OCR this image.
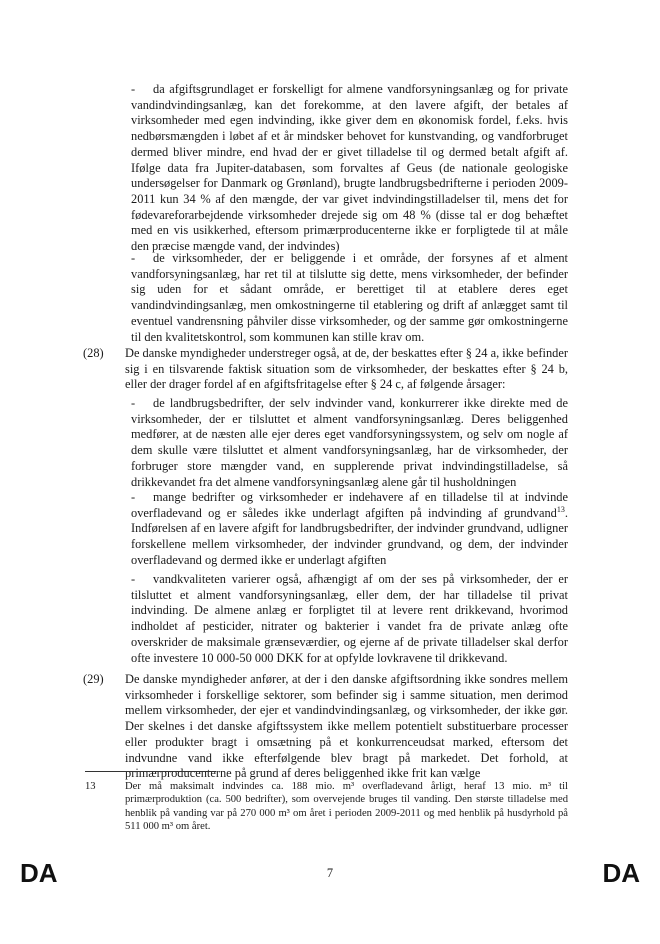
- da afgiftsgrundlaget er forskelligt for almene vandforsyningsanlæg og for private vandindvindingsanlæg, kan det forekomme, at den lavere afgift, der betales af virksomheder med egen indvinding, ikke giver dem en økonomisk fordel, f.eks. hvis nedbørsmængden i løbet af et år mindsker behovet for kunstvanding, og vandforbruget dermed bliver mindre, end hvad der er givet tilladelse til og dermed betalt afgift af. Ifølge data fra Jupiter-databasen, som forvaltes af Geus (de nationale geologiske undersøgelser for Danmark og Grønland), brugte landbrugsbedrifterne i perioden 2009-2011 kun 34 % af den mængde, der var givet indvindingstilladelser til, mens det for fødevareforarbejdende virksomheder drejede sig om 48 % (disse tal er dog behæftet med en vis usikkerhed, eftersom primærproducenterne ikke er forpligtede til at måle den præcise mængde vand, der indvindes)

- de virksomheder, der er beliggende i et område, der forsynes af et alment vandforsyningsanlæg, har ret til at tilslutte sig dette, mens virksomheder, der befinder sig uden for et sådant område, er berettiget til at etablere deres eget vandindvindingsanlæg, men omkostningerne til etablering og drift af anlægget samt til eventuel vandrensning påhviler disse virksomheder, og der samme gør omkostningerne til den kvalitetskontrol, som kommunen kan stille krav om.

(28)	De danske myndigheder understreger også, at de, der beskattes efter § 24 a, ikke befinder sig i en tilsvarende faktisk situation som de virksomheder, der beskattes efter § 24 b, eller der drager fordel af en afgiftsfritagelse efter § 24 c, af følgende årsager:

- de landbrugsbedrifter, der selv indvinder vand, konkurrerer ikke direkte med de virksomheder, der er tilsluttet et alment vandforsyningsanlæg. Deres beliggenhed medfører, at de næsten alle ejer deres eget vandforsyningssystem, og selv om nogle af dem skulle være tilsluttet et alment vandforsyningsanlæg, har de virksomheder, der forbruger store mængder vand, en supplerende privat indvindingstilladelse, så drikkevandet fra det almene vandforsyningsanlæg alene går til husholdningen

- mange bedrifter og virksomheder er indehavere af en tilladelse til at indvinde overfladevand og er således ikke underlagt afgiften på indvinding af grundvand$^{13}$. Indførelsen af en lavere afgift for landbrugsbedrifter, der indvinder grundvand, udligner forskellene mellem virksomheder, der indvinder grundvand, og dem, der indvinder overfladevand og dermed ikke er underlagt afgiften

- vandkvaliteten varierer også, afhængigt af om der ses på virksomheder, der er tilsluttet et alment vandforsyningsanlæg, eller dem, der har tilladelse til privat indvinding. De almene anlæg er forpligtet til at levere rent drikkevand, hvorimod indholdet af pesticider, nitrater og bakterier i vandet fra de private anlæg ofte overskrider de maksimale grænseværdier, og ejerne af de private tilladelser skal derfor ofte investere 10 000-50 000 DKK for at opfylde lovkravene til drikkevand.

(29)	De danske myndigheder anfører, at der i den danske afgiftsordning ikke sondres mellem virksomheder i forskellige sektorer, som befinder sig i samme situation, men derimod mellem virksomheder, der ejer et vandindvindingsanlæg, og virksomheder, der ikke gør. Der skelnes i det danske afgiftssystem ikke mellem potentielt substituerbare processer eller produkter bragt i omsætning på et konkurrenceudsat marked, eftersom det indvundne vand ikke efterfølgende blev bragt på markedet. Det forhold, at primærproducenterne på grund af deres beliggenhed ikke frit kan vælge

13	Der må maksimalt indvindes ca. 188 mio. m³ overfladevand årligt, heraf 13 mio. m³ til primærproduktion (ca. 500 bedrifter), som overvejende bruges til vanding. Den største tilladelse med henblik på vanding var på 270 000 m³ om året i perioden 2009-2011 og med henblik på husdyrhold på 511 000 m³ om året.

DA	7	DA
